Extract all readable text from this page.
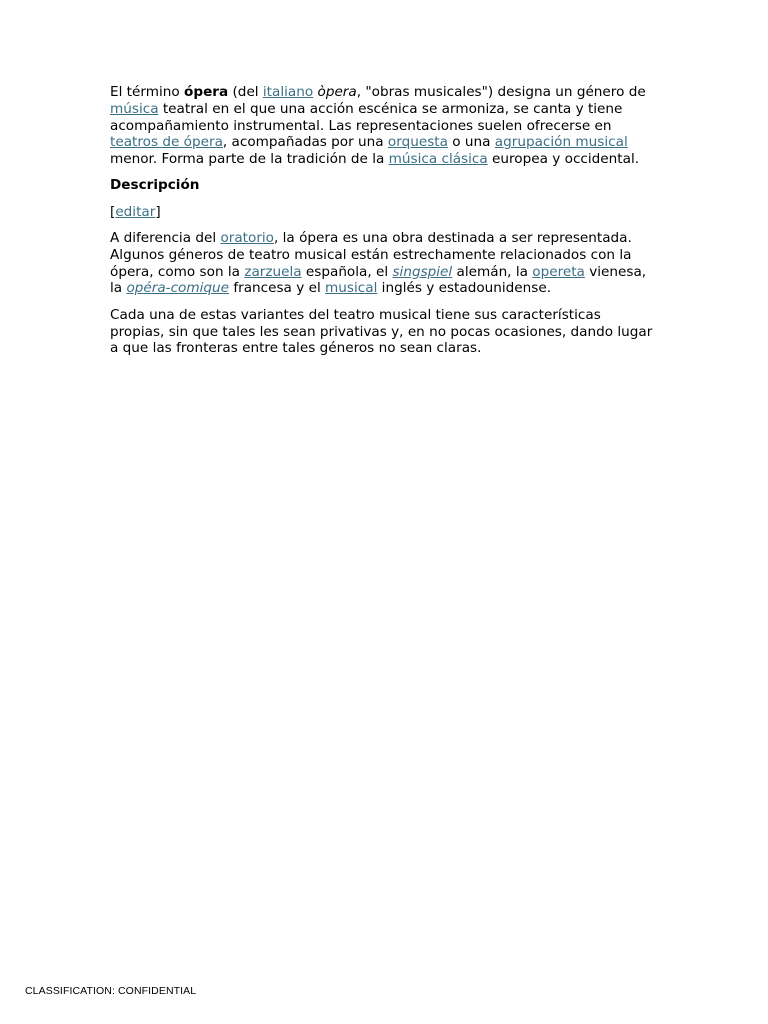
El término ópera (del italiano òpera, "obras musicales") designa un género de música teatral en el que una acción escénica se armoniza, se canta y tiene acompañamiento instrumental. Las representaciones suelen ofrecerse en teatros de ópera, acompañadas por una orquesta o una agrupación musical menor. Forma parte de la tradición de la música clásica europea y occidental.

Descripción

[editar]

A diferencia del oratorio, la ópera es una obra destinada a ser representada. Algunos géneros de teatro musical están estrechamente relacionados con la ópera, como son la zarzuela española, el singspiel alemán, la opereta vienesa, la opéra-comique francesa y el musical inglés y estadounidense.

Cada una de estas variantes del teatro musical tiene sus características propias, sin que tales les sean privativas y, en no pocas ocasiones, dando lugar a que las fronteras entre tales géneros no sean claras.

CLASSIFICATION: CONFIDENTIAL
